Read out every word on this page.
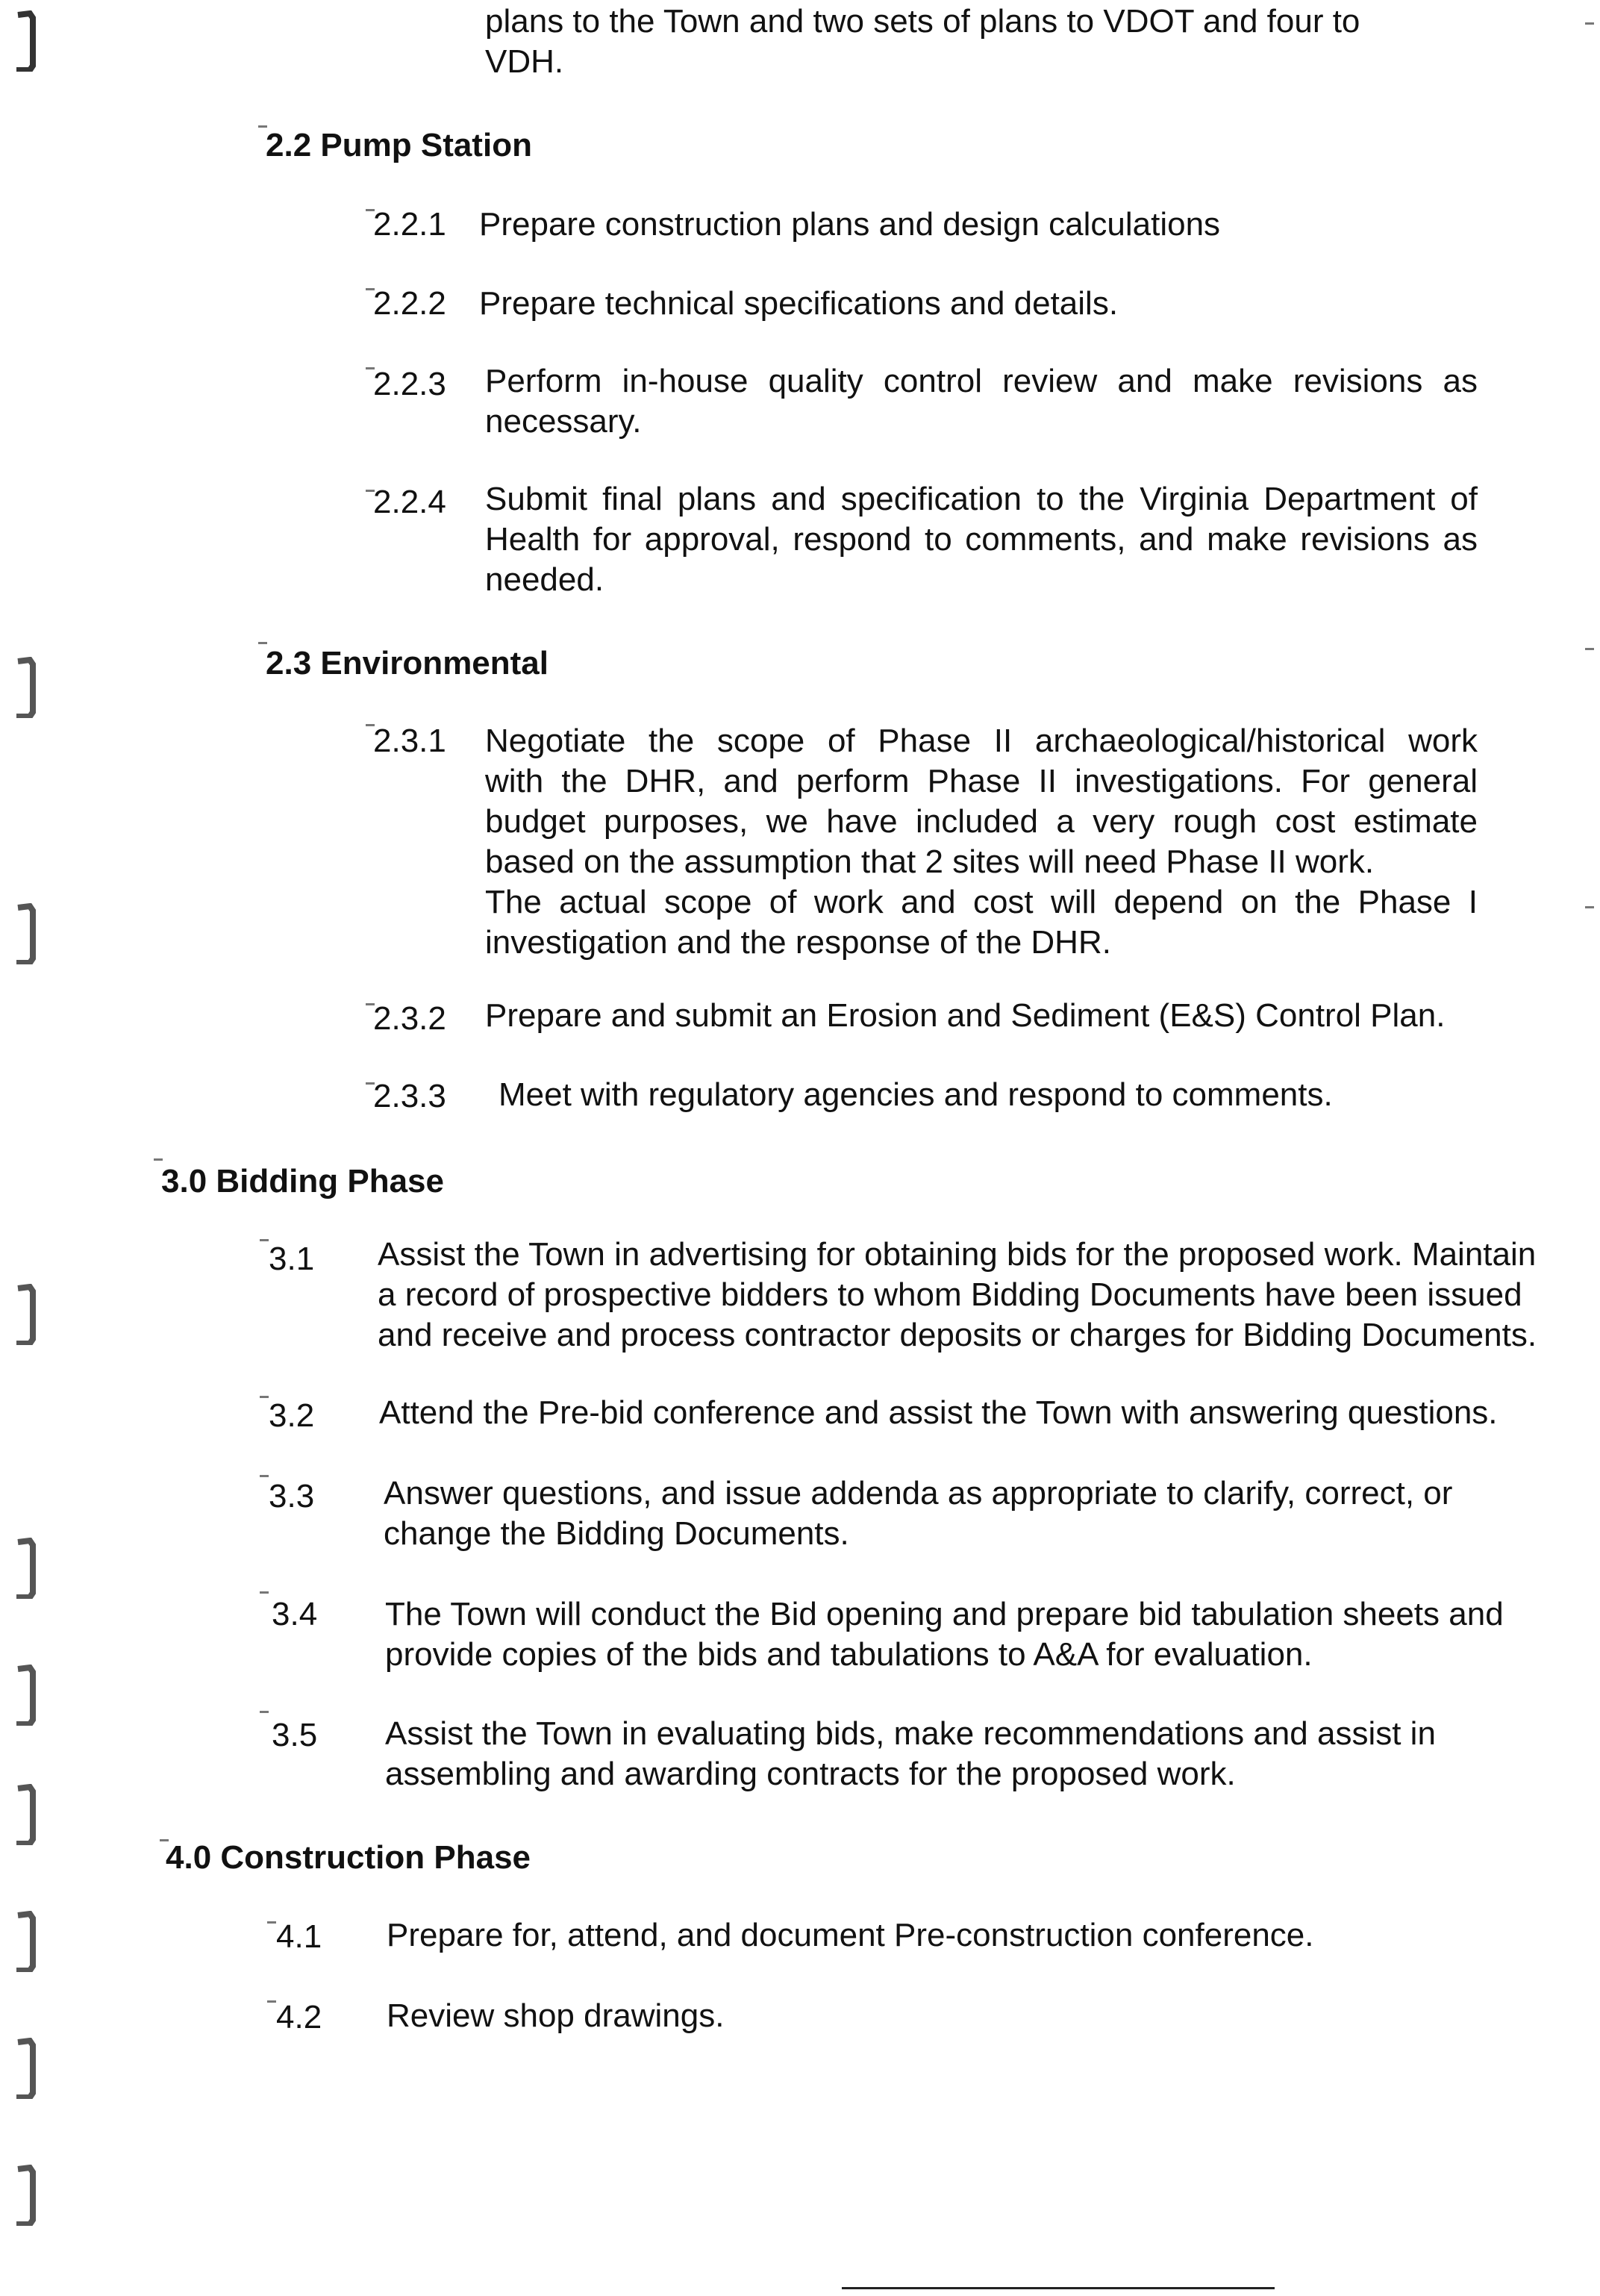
plans to the Town and two sets of plans to VDOT and four to
VDH.
2.2 Pump Station
2.2.1 Prepare construction plans and design calculations
2.2.2 Prepare technical specifications and details.
2.2.3 Perform in-house quality control review and make revisions as
necessary.
2.2.4 Submit final plans and specification to the Virginia Department of
Health for approval, respond to comments, and make revisions as
needed.
2.3 Environmental
2.3.1 Negotiate the scope of Phase II archaeological/historical work
with the DHR, and perform Phase II investigations. For general
budget purposes, we have included a very rough cost estimate
based on the assumption that 2 sites will need Phase II work.
The actual scope of work and cost will depend on the Phase I
investigation and the response of the DHR.
2.3.2 Prepare and submit an Erosion and Sediment (E&S) Control Plan.
2.3.3 Meet with regulatory agencies and respond to comments.
3.0 Bidding Phase
3.1 Assist the Town in advertising for obtaining bids for the proposed work. Maintain
a record of prospective bidders to whom Bidding Documents have been issued
and receive and process contractor deposits or charges for Bidding Documents.
3.2 Attend the Pre-bid conference and assist the Town with answering questions.
3.3 Answer questions, and issue addenda as appropriate to clarify, correct, or
change the Bidding Documents.
3.4 The Town will conduct the Bid opening and prepare bid tabulation sheets and
provide copies of the bids and tabulations to A&A for evaluation.
3.5 Assist the Town in evaluating bids, make recommendations and assist in
assembling and awarding contracts for the proposed work.
4.0 Construction Phase
4.1 Prepare for, attend, and document Pre-construction conference.
4.2 Review shop drawings.
